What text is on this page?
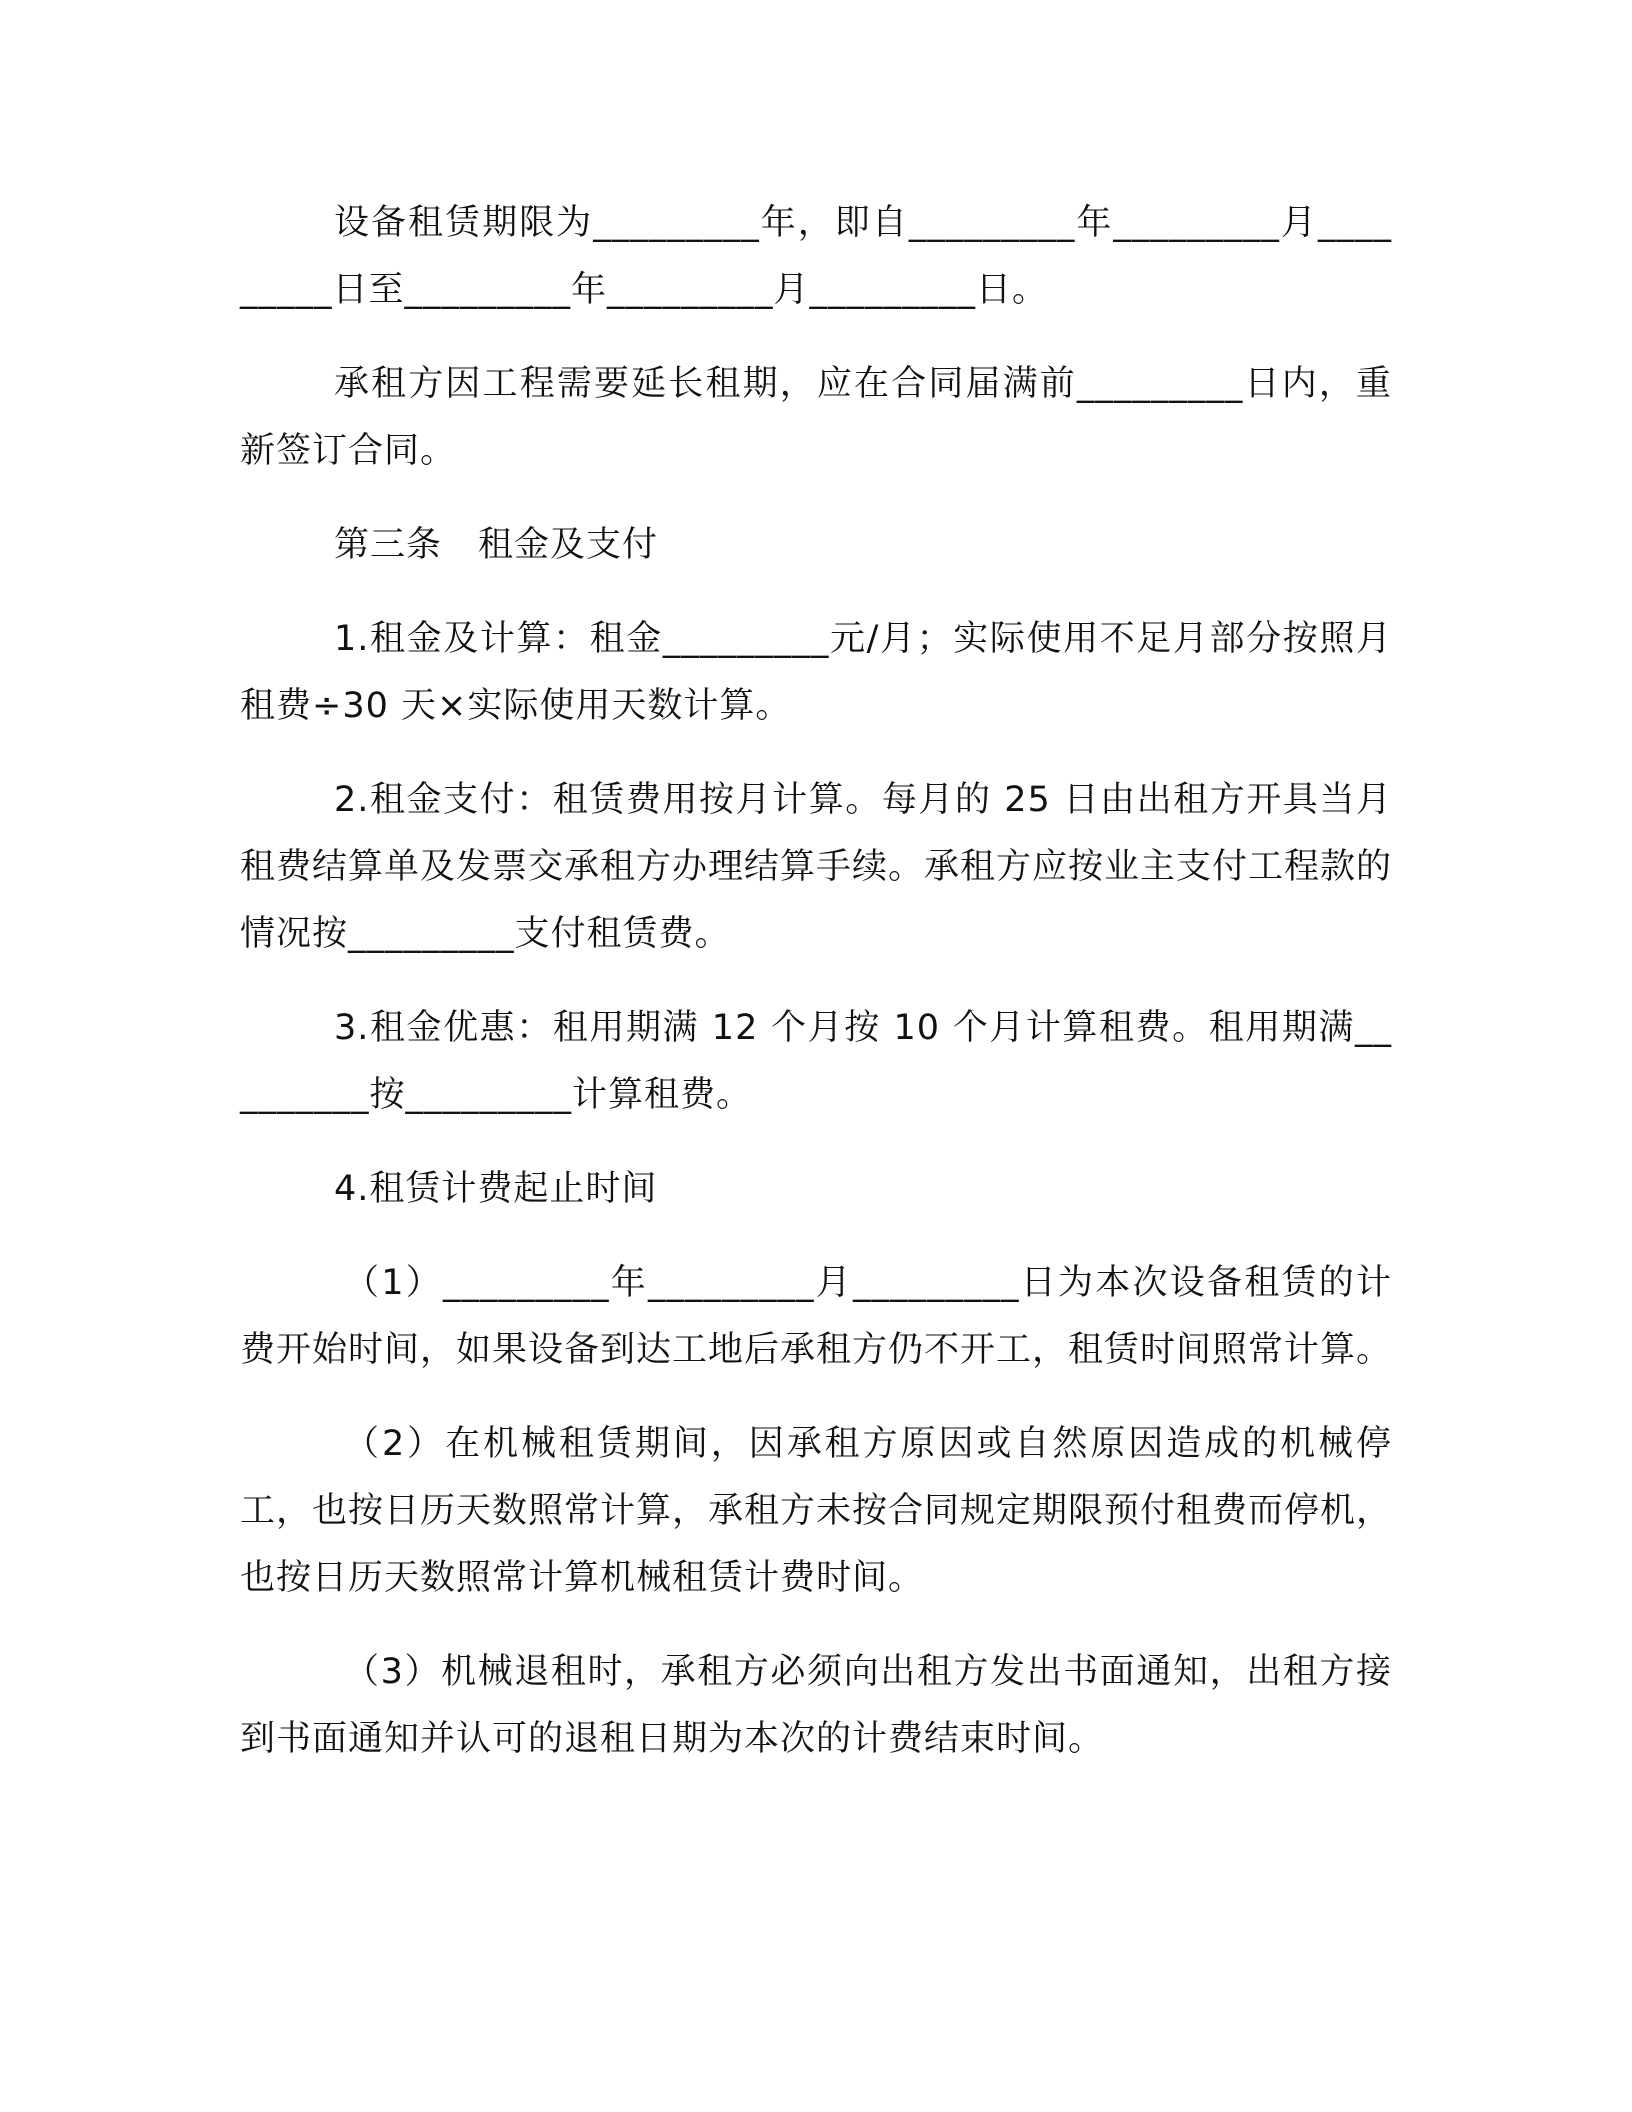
设备租赁期限为_________年，即自_________年_________月_________日至_________年_________月_________日。

承租方因工程需要延长租期，应在合同届满前_________日内，重新签订合同。

第三条　租金及支付

1.租金及计算：租金_________元/月；实际使用不足月部分按照月租费÷30 天×实际使用天数计算。

2.租金支付：租赁费用按月计算。每月的 25 日由出租方开具当月租费结算单及发票交承租方办理结算手续。承租方应按业主支付工程款的情况按_________支付租赁费。

3.租金优惠：租用期满 12 个月按 10 个月计算租费。租用期满_________按_________计算租费。

4.租赁计费起止时间

（1）_________年_________月_________日为本次设备租赁的计费开始时间，如果设备到达工地后承租方仍不开工，租赁时间照常计算。

（2）在机械租赁期间，因承租方原因或自然原因造成的机械停工，也按日历天数照常计算，承租方未按合同规定期限预付租费而停机，也按日历天数照常计算机械租赁计费时间。

（3）机械退租时，承租方必须向出租方发出书面通知，出租方接到书面通知并认可的退租日期为本次的计费结束时间。
